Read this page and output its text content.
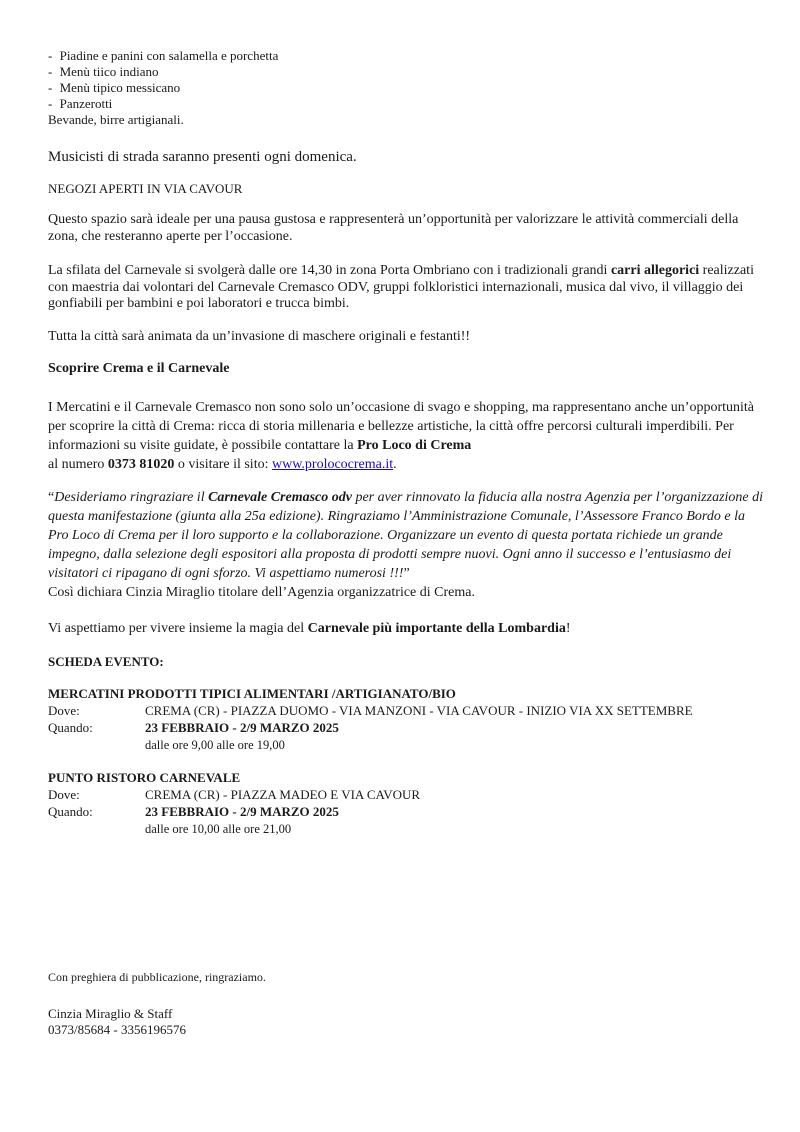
- Piadine e panini con salamella e porchetta
- Menù tiico indiano
- Menù tipico messicano
- Panzerotti
Bevande, birre artigianali.
Musicisti di strada saranno presenti ogni domenica.
NEGOZI APERTI IN VIA CAVOUR
Questo spazio sarà ideale per una pausa gustosa e rappresenterà un’opportunità per valorizzare le attività commerciali della zona, che resteranno aperte per l’occasione.
La sfilata del Carnevale si svolgerà dalle ore 14,30 in zona Porta Ombriano con i tradizionali grandi carri allegorici realizzati con maestria dai volontari del Carnevale Cremasco ODV, gruppi folkloristici internazionali, musica dal vivo, il villaggio dei gonfiabili per bambini e poi laboratori e trucca bimbi.
Tutta la città sarà animata da un’invasione di maschere originali e festanti!!
Scoprire Crema e il Carnevale
I Mercatini e il Carnevale Cremasco non sono solo un’occasione di svago e shopping, ma rappresentano anche un’opportunità per scoprire la città di Crema: ricca di storia millenaria e bellezze artistiche, la città offre percorsi culturali imperdibili. Per informazioni su visite guidate, è possibile contattare la Pro Loco di Crema
al numero 0373 81020 o visitare il sito: www.prolococrema.it.
“Desideriamo ringraziare il Carnevale Cremasco odv per aver rinnovato la fiducia alla nostra Agenzia per l’organizzazione di questa manifestazione (giunta alla 25a edizione). Ringraziamo l’Amministrazione Comunale, l’Assessore Franco Bordo e la Pro Loco di Crema per il loro supporto e la collaborazione. Organizzare un evento di questa portata richiede un grande impegno, dalla selezione degli espositori alla proposta di prodotti sempre nuovi. Ogni anno il successo e l’entusiasmo dei visitatori ci ripagano di ogni sforzo. Vi aspettiamo numerosi !!!”
Così dichiara Cinzia Miraglio titolare dell’Agenzia organizzatrice di Crema.
Vi aspettiamo per vivere insieme la magia del Carnevale più importante della Lombardia!
SCHEDA EVENTO:
MERCATINI PRODOTTI TIPICI ALIMENTARI /ARTIGIANATO/BIO
Dove:	CREMA (CR) - PIAZZA DUOMO - VIA MANZONI - VIA CAVOUR - INIZIO VIA XX SETTEMBRE
Quando:	23 FEBBRAIO - 2/9 MARZO 2025
dalle ore 9,00 alle ore 19,00
PUNTO RISTORO CARNEVALE
Dove:	CREMA (CR) - PIAZZA MADEO E VIA CAVOUR
Quando:	23 FEBBRAIO - 2/9 MARZO 2025
dalle ore 10,00 alle ore 21,00
Con preghiera di pubblicazione, ringraziamo.
Cinzia Miraglio & Staff
0373/85684 - 3356196576
